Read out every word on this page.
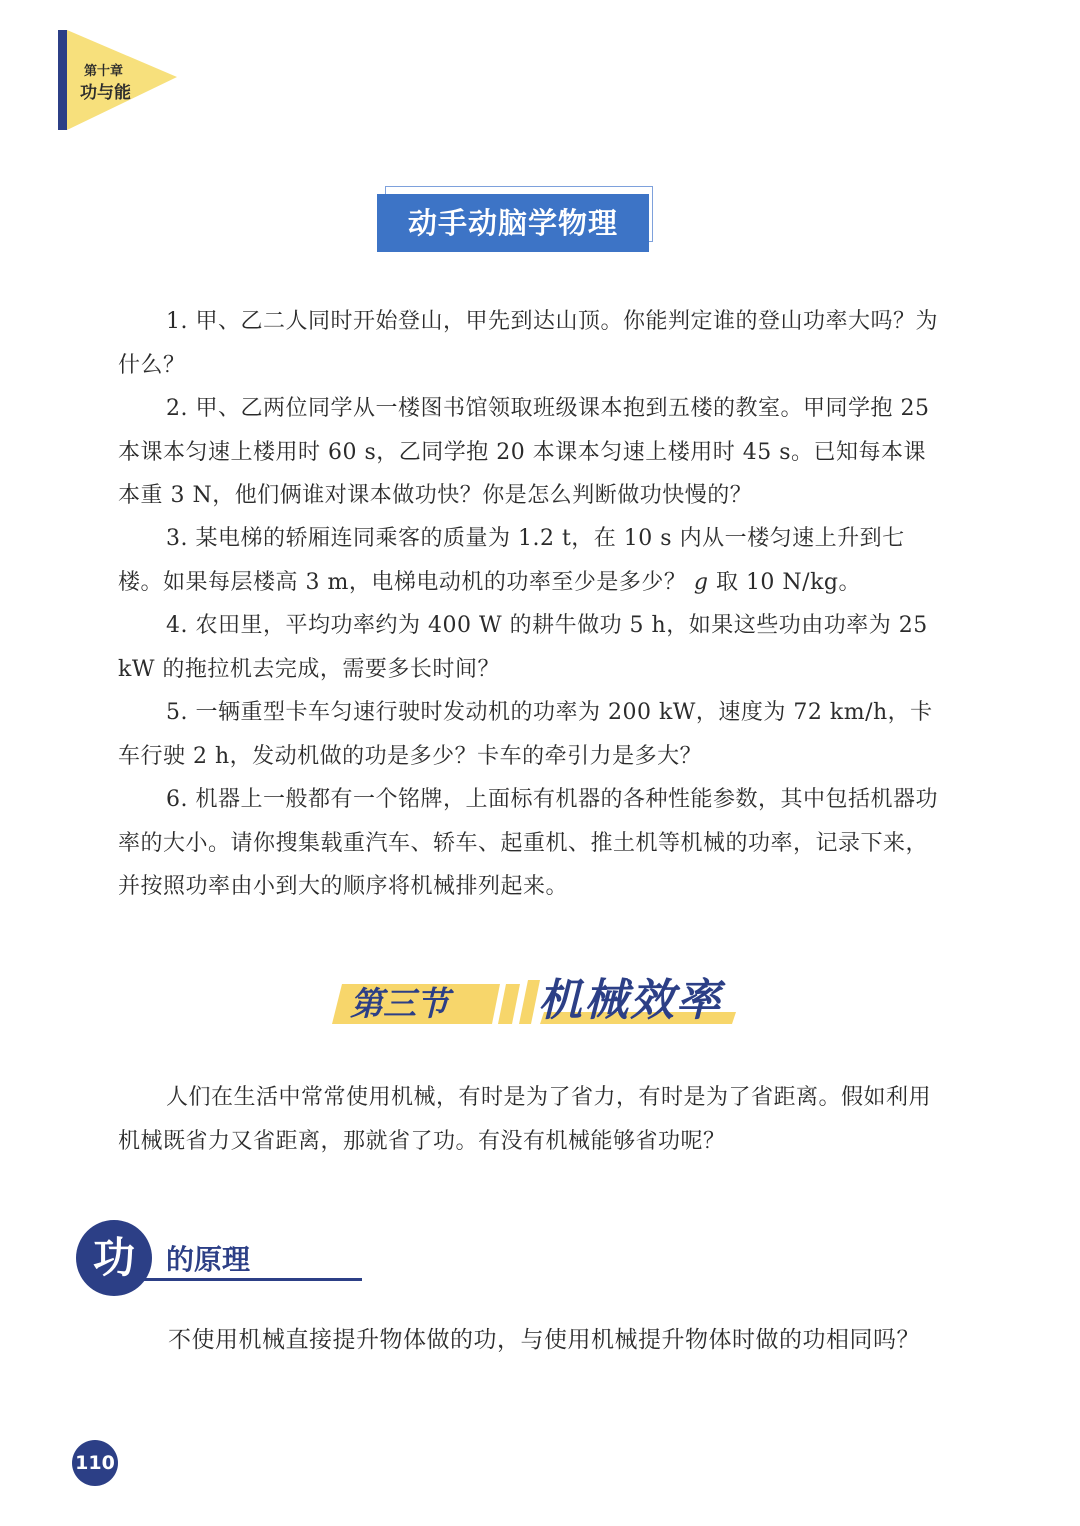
第十章
功与能
动手动脑学物理

1. 甲、乙二人同时开始登山，甲先到达山顶。你能判定谁的登山功率大吗？为什么？

2. 甲、乙两位同学从一楼图书馆领取班级课本抱到五楼的教室。甲同学抱 25 本课本匀速上楼用时 60 s，乙同学抱 20 本课本匀速上楼用时 45 s。已知每本课本重 3 N，他们俩谁对课本做功快？你是怎么判断做功快慢的？

3. 某电梯的轿厢连同乘客的质量为 1.2 t，在 10 s 内从一楼匀速上升到七楼。如果每层楼高 3 m，电梯电动机的功率至少是多少？ g 取 10 N/kg。

4. 农田里，平均功率约为 400 W 的耕牛做功 5 h，如果这些功由功率为 25 kW 的拖拉机去完成，需要多长时间？

5. 一辆重型卡车匀速行驶时发动机的功率为 200 kW，速度为 72 km/h，卡车行驶 2 h，发动机做的功是多少？卡车的牵引力是多大？

6. 机器上一般都有一个铭牌，上面标有机器的各种性能参数，其中包括机器功率的大小。请你搜集载重汽车、轿车、起重机、推土机等机械的功率，记录下来，并按照功率由小到大的顺序将机械排列起来。

第三节 机械效率

人们在生活中常常使用机械，有时是为了省力，有时是为了省距离。假如利用机械既省力又省距离，那就省了功。有没有机械能够省功呢？

功	的原理

不使用机械直接提升物体做的功，与使用机械提升物体时做的功相同吗？

110
